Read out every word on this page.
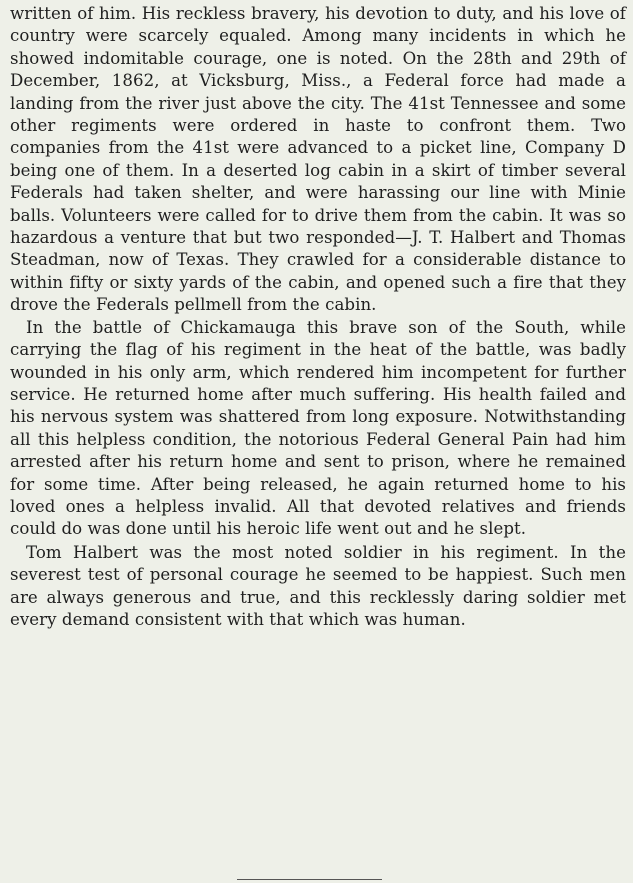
written of him. His reckless bravery, his devotion to duty, and his love of country were scarcely equaled. Among many incidents in which he showed indomitable courage, one is noted. On the 28th and 29th of December, 1862, at Vicksburg, Miss., a Federal force had made a landing from the river just above the city. The 41st Tennessee and some other regiments were ordered in haste to confront them. Two companies from the 41st were advanced to a picket line, Company D being one of them. In a deserted log cabin in a skirt of timber several Federals had taken shelter, and were harassing our line with Minie balls. Volunteers were called for to drive them from the cabin. It was so hazardous a venture that but two responded—J. T. Halbert and Thomas Steadman, now of Texas. They crawled for a considerable distance to within fifty or sixty yards of the cabin, and opened such a fire that they drove the Federals pellmell from the cabin.

In the battle of Chickamauga this brave son of the South, while carrying the flag of his regiment in the heat of the battle, was badly wounded in his only arm, which rendered him incompetent for further service. He returned home after much suffering. His health failed and his nervous system was shattered from long exposure. Notwithstanding all this helpless condition, the notorious Federal General Pain had him arrested after his return home and sent to prison, where he remained for some time. After being released, he again returned home to his loved ones a helpless invalid. All that devoted relatives and friends could do was done until his heroic life went out and he slept.

Tom Halbert was the most noted soldier in his regiment. In the severest test of personal courage he seemed to be happiest. Such men are always generous and true, and this recklessly daring soldier met every demand consistent with that which was human.
